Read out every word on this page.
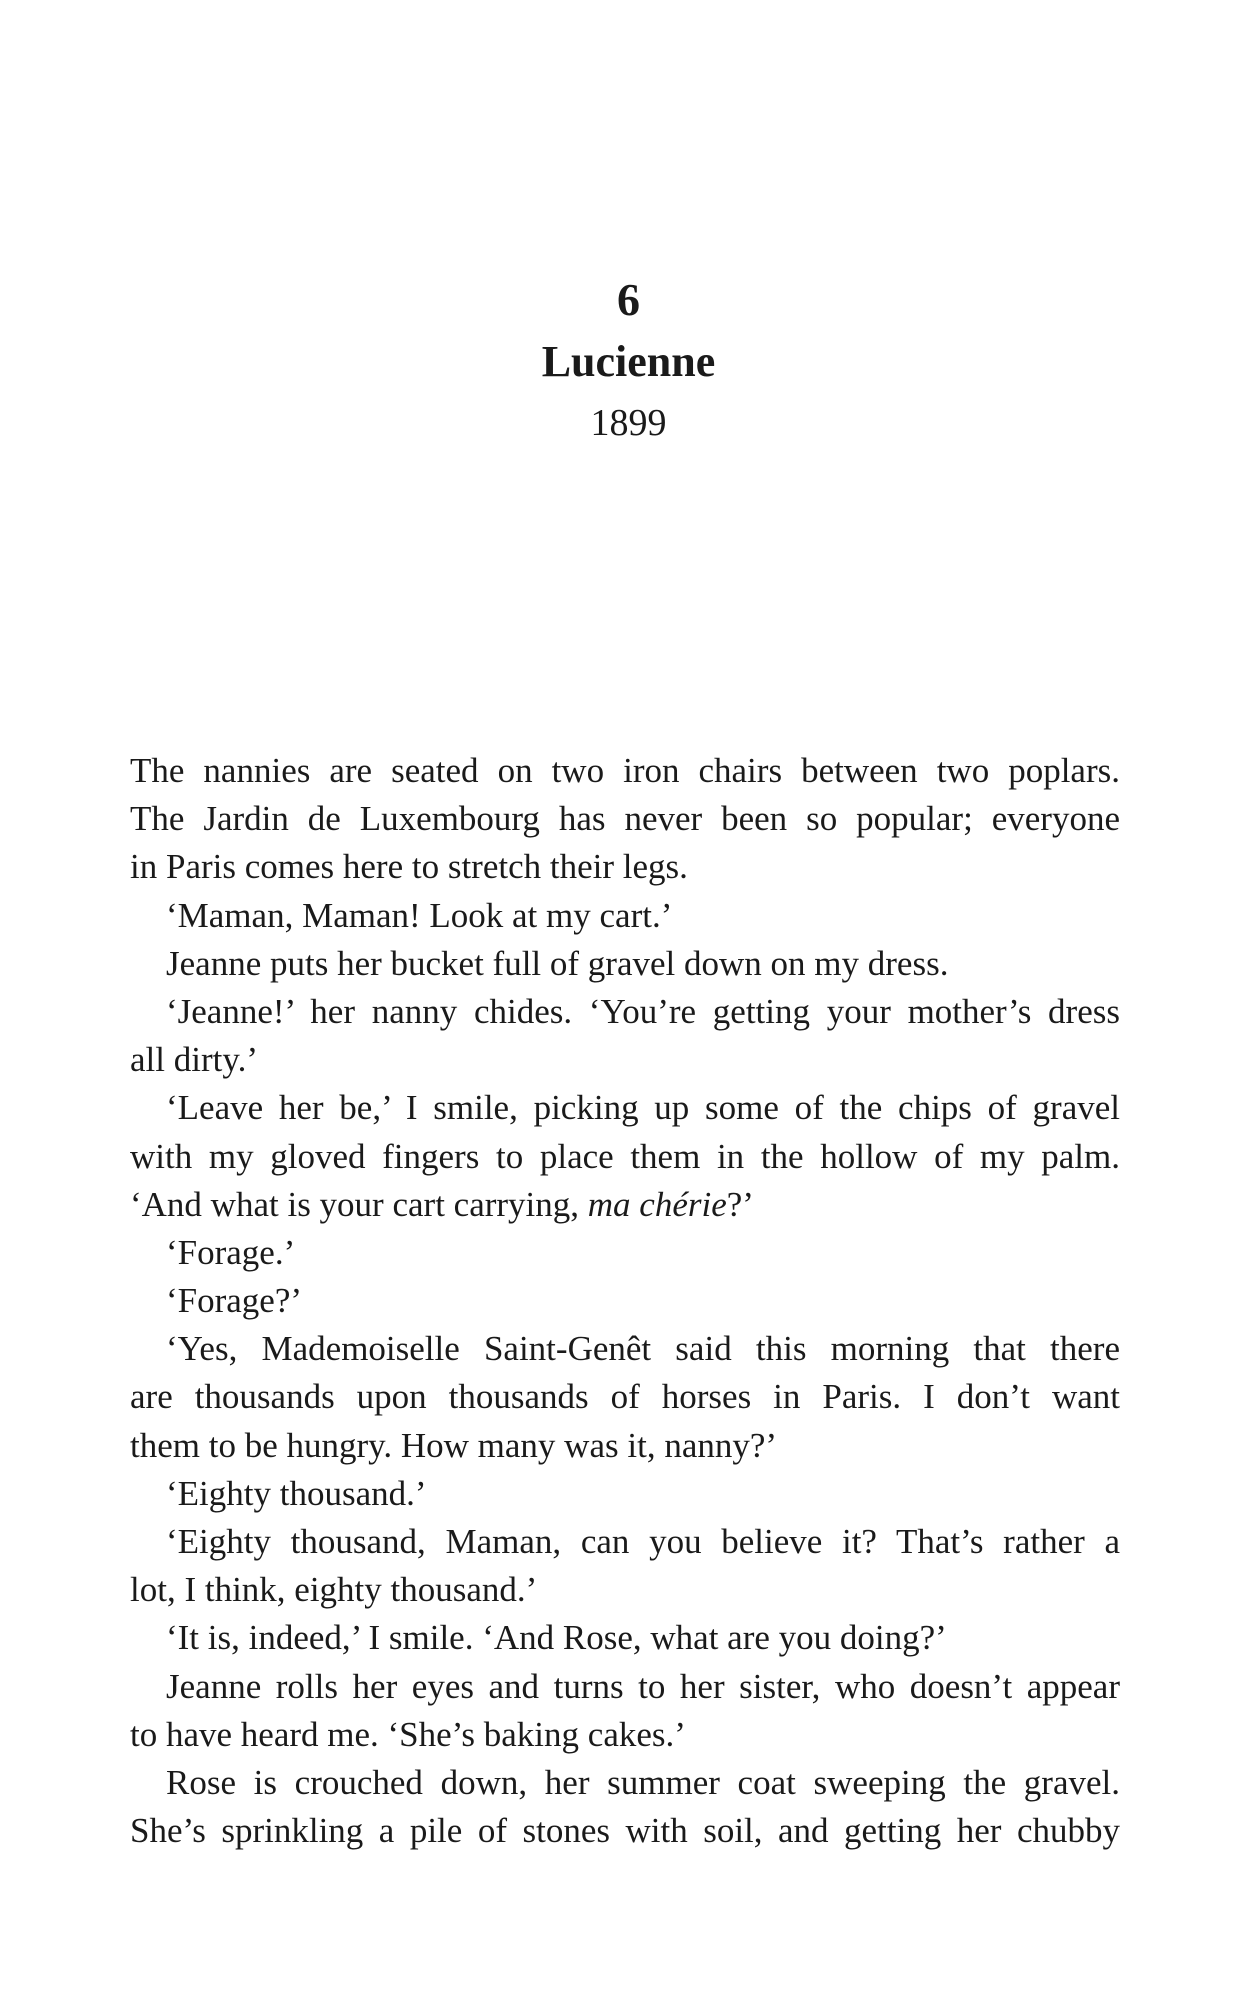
6
Lucienne
1899
The nannies are seated on two iron chairs between two poplars.
The Jardin de Luxembourg has never been so popular; everyone
in Paris comes here to stretch their legs.
‘Maman, Maman! Look at my cart.’
Jeanne puts her bucket full of gravel down on my dress.
‘Jeanne!’ her nanny chides. ‘You’re getting your mother’s dress
all dirty.’
‘Leave her be,’ I smile, picking up some of the chips of gravel
with my gloved fingers to place them in the hollow of my palm.
‘And what is your cart carrying, ma chérie?’
‘Forage.’
‘Forage?’
‘Yes, Mademoiselle Saint-Genêt said this morning that there
are thousands upon thousands of horses in Paris. I don’t want
them to be hungry. How many was it, nanny?’
‘Eighty thousand.’
‘Eighty thousand, Maman, can you believe it? That’s rather a
lot, I think, eighty thousand.’
‘It is, indeed,’ I smile. ‘And Rose, what are you doing?’
Jeanne rolls her eyes and turns to her sister, who doesn’t appear
to have heard me. ‘She’s baking cakes.’
Rose is crouched down, her summer coat sweeping the gravel.
She’s sprinkling a pile of stones with soil, and getting her chubby
